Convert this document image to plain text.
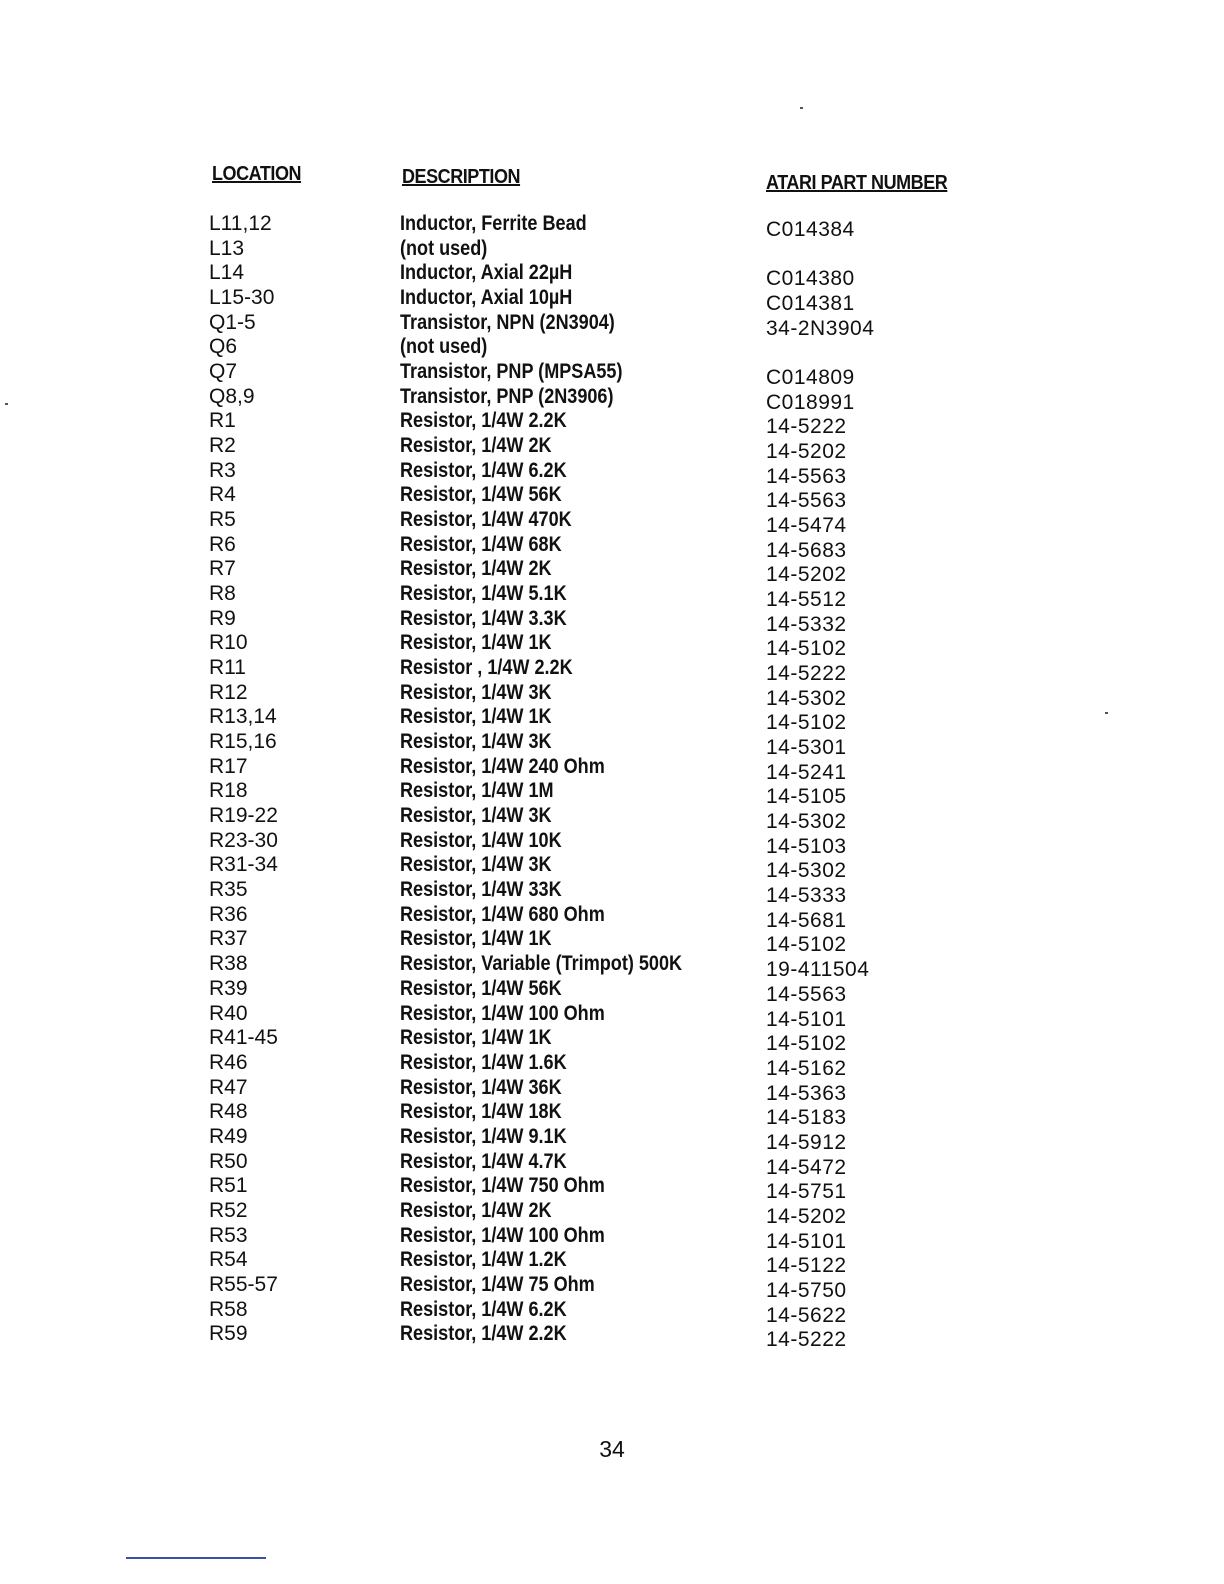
LOCATION	DESCRIPTION	ATARI PART NUMBER
L11,12	Inductor, Ferrite Bead	C014384
L13	(not used)
L14	Inductor, Axial 22µH	C014380
L15-30	Inductor, Axial 10µH	C014381
Q1-5	Transistor, NPN (2N3904)	34-2N3904
Q6	(not used)
Q7	Transistor, PNP (MPSA55)	C014809
Q8,9	Transistor, PNP (2N3906)	C018991
R1	Resistor, 1/4W 2.2K	14-5222
R2	Resistor, 1/4W 2K	14-5202
R3	Resistor, 1/4W 6.2K	14-5563
R4	Resistor, 1/4W 56K	14-5563
R5	Resistor, 1/4W 470K	14-5474
R6	Resistor, 1/4W 68K	14-5683
R7	Resistor, 1/4W 2K	14-5202
R8	Resistor, 1/4W 5.1K	14-5512
R9	Resistor, 1/4W 3.3K	14-5332
R10	Resistor, 1/4W 1K	14-5102
R11	Resistor , 1/4W 2.2K	14-5222
R12	Resistor, 1/4W 3K	14-5302
R13,14	Resistor, 1/4W 1K	14-5102
R15,16	Resistor, 1/4W 3K	14-5301
R17	Resistor, 1/4W 240 Ohm	14-5241
R18	Resistor, 1/4W 1M	14-5105
R19-22	Resistor, 1/4W 3K	14-5302
R23-30	Resistor, 1/4W 10K	14-5103
R31-34	Resistor, 1/4W 3K	14-5302
R35	Resistor, 1/4W 33K	14-5333
R36	Resistor, 1/4W 680 Ohm	14-5681
R37	Resistor, 1/4W 1K	14-5102
R38	Resistor, Variable (Trimpot) 500K	19-411504
R39	Resistor, 1/4W 56K	14-5563
R40	Resistor, 1/4W 100 Ohm	14-5101
R41-45	Resistor, 1/4W 1K	14-5102
R46	Resistor, 1/4W 1.6K	14-5162
R47	Resistor, 1/4W 36K	14-5363
R48	Resistor, 1/4W 18K	14-5183
R49	Resistor, 1/4W 9.1K	14-5912
R50	Resistor, 1/4W 4.7K	14-5472
R51	Resistor, 1/4W 750 Ohm	14-5751
R52	Resistor, 1/4W 2K	14-5202
R53	Resistor, 1/4W 100 Ohm	14-5101
R54	Resistor, 1/4W 1.2K	14-5122
R55-57	Resistor, 1/4W 75 Ohm	14-5750
R58	Resistor, 1/4W 6.2K	14-5622
R59	Resistor, 1/4W 2.2K	14-5222
34
